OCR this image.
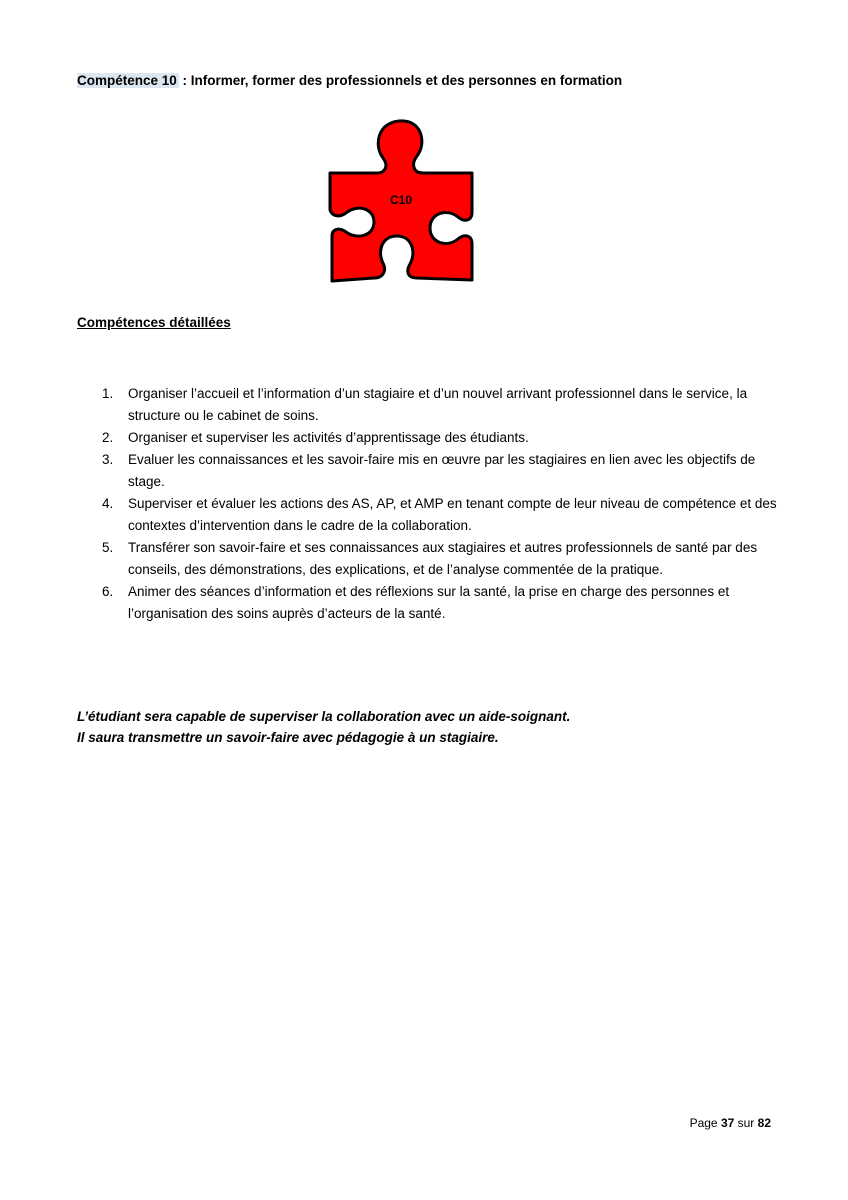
Compétence 10 : Informer, former des professionnels et des personnes en formation
C10
Compétences détaillées
1. Organiser l’accueil et l’information d’un stagiaire et d’un nouvel arrivant professionnel dans le service, la structure ou le cabinet de soins.
2. Organiser et superviser les activités d’apprentissage des étudiants.
3. Evaluer les connaissances et les savoir-faire mis en œuvre par les stagiaires en lien avec les objectifs de stage.
4. Superviser et évaluer les actions des AS, AP, et AMP en tenant compte de leur niveau de compétence et des contextes d’intervention dans le cadre de la collaboration.
5. Transférer son savoir-faire et ses connaissances aux stagiaires et autres professionnels de santé par des conseils, des démonstrations, des explications, et de l’analyse commentée de la pratique.
6. Animer des séances d’information et des réflexions sur la santé, la prise en charge des personnes et l’organisation des soins auprès d’acteurs de la santé.
L’étudiant sera capable de superviser la collaboration avec un aide-soignant.
Il saura transmettre un savoir-faire avec pédagogie à un stagiaire.
Page 37 sur 82
